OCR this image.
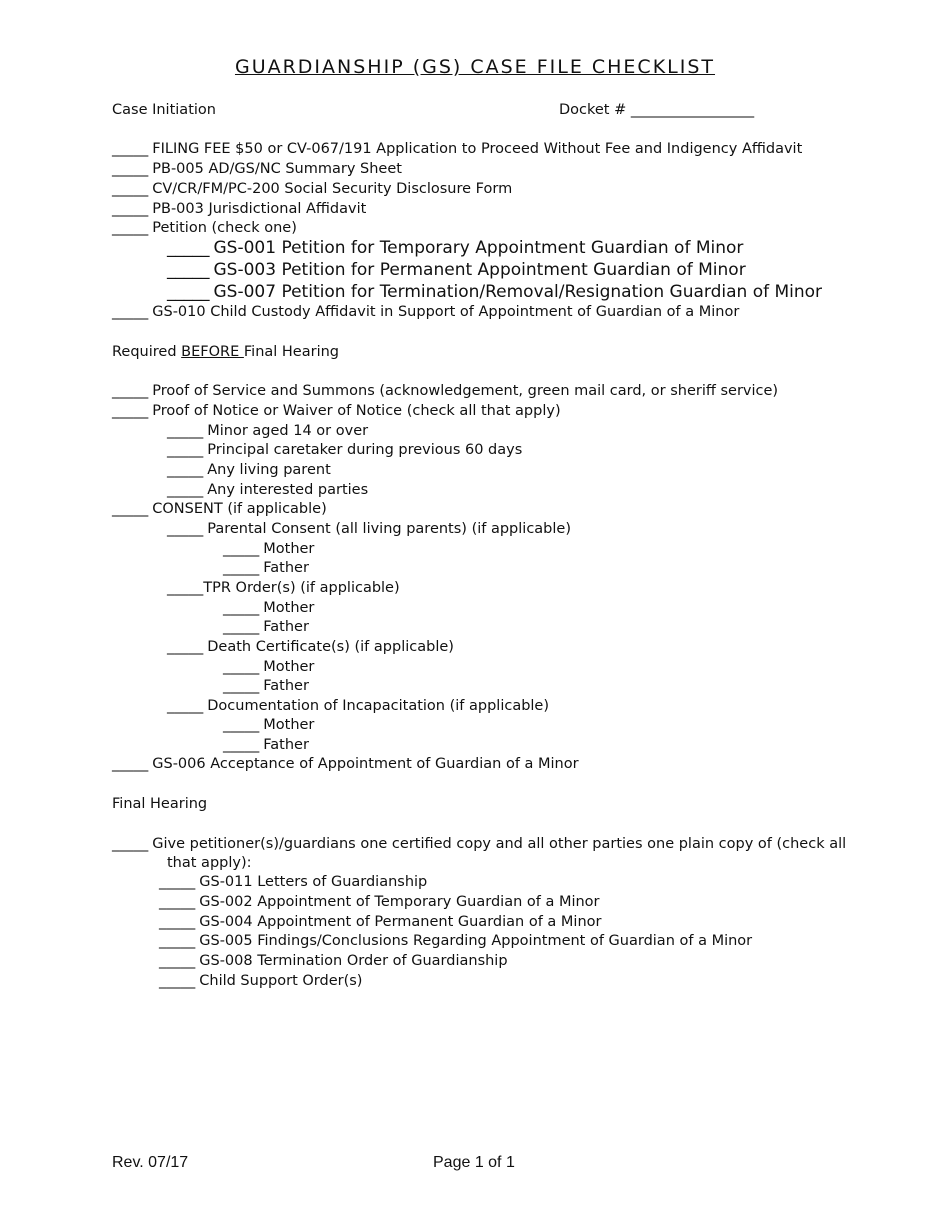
GUARDIANSHIP (GS) CASE FILE CHECKLIST
Case Initiation	Docket # _________________
_____ FILING FEE $50 or CV-067/191 Application to Proceed Without Fee and Indigency Affidavit
_____ PB-005 AD/GS/NC Summary Sheet
_____ CV/CR/FM/PC-200 Social Security Disclosure Form
_____ PB-003 Jurisdictional Affidavit
_____ Petition (check one)
_____ GS-001 Petition for Temporary Appointment Guardian of Minor
_____ GS-003 Petition for Permanent Appointment Guardian of Minor
_____ GS-007 Petition for Termination/Removal/Resignation Guardian of Minor
_____ GS-010 Child Custody Affidavit in Support of Appointment of Guardian of a Minor
Required BEFORE Final Hearing
_____ Proof of Service and Summons (acknowledgement, green mail card, or sheriff service)
_____ Proof of Notice or Waiver of Notice (check all that apply)
_____ Minor aged 14 or over
_____ Principal caretaker during previous 60 days
_____ Any living parent
_____ Any interested parties
_____ CONSENT (if applicable)
_____ Parental Consent (all living parents) (if applicable)
_____ Mother
_____ Father
_____TPR Order(s) (if applicable)
_____ Mother
_____ Father
_____ Death Certificate(s) (if applicable)
_____ Mother
_____ Father
_____ Documentation of Incapacitation (if applicable)
_____ Mother
_____ Father
_____ GS-006 Acceptance of Appointment of Guardian of a Minor
Final Hearing
_____ Give petitioner(s)/guardians one certified copy and all other parties one plain copy of (check all
that apply):
_____ GS-011 Letters of Guardianship
_____ GS-002 Appointment of Temporary Guardian of a Minor
_____ GS-004 Appointment of Permanent Guardian of a Minor
_____ GS-005 Findings/Conclusions Regarding Appointment of Guardian of a Minor
_____ GS-008 Termination Order of Guardianship
_____ Child Support Order(s)
Rev. 07/17	Page 1 of 1
